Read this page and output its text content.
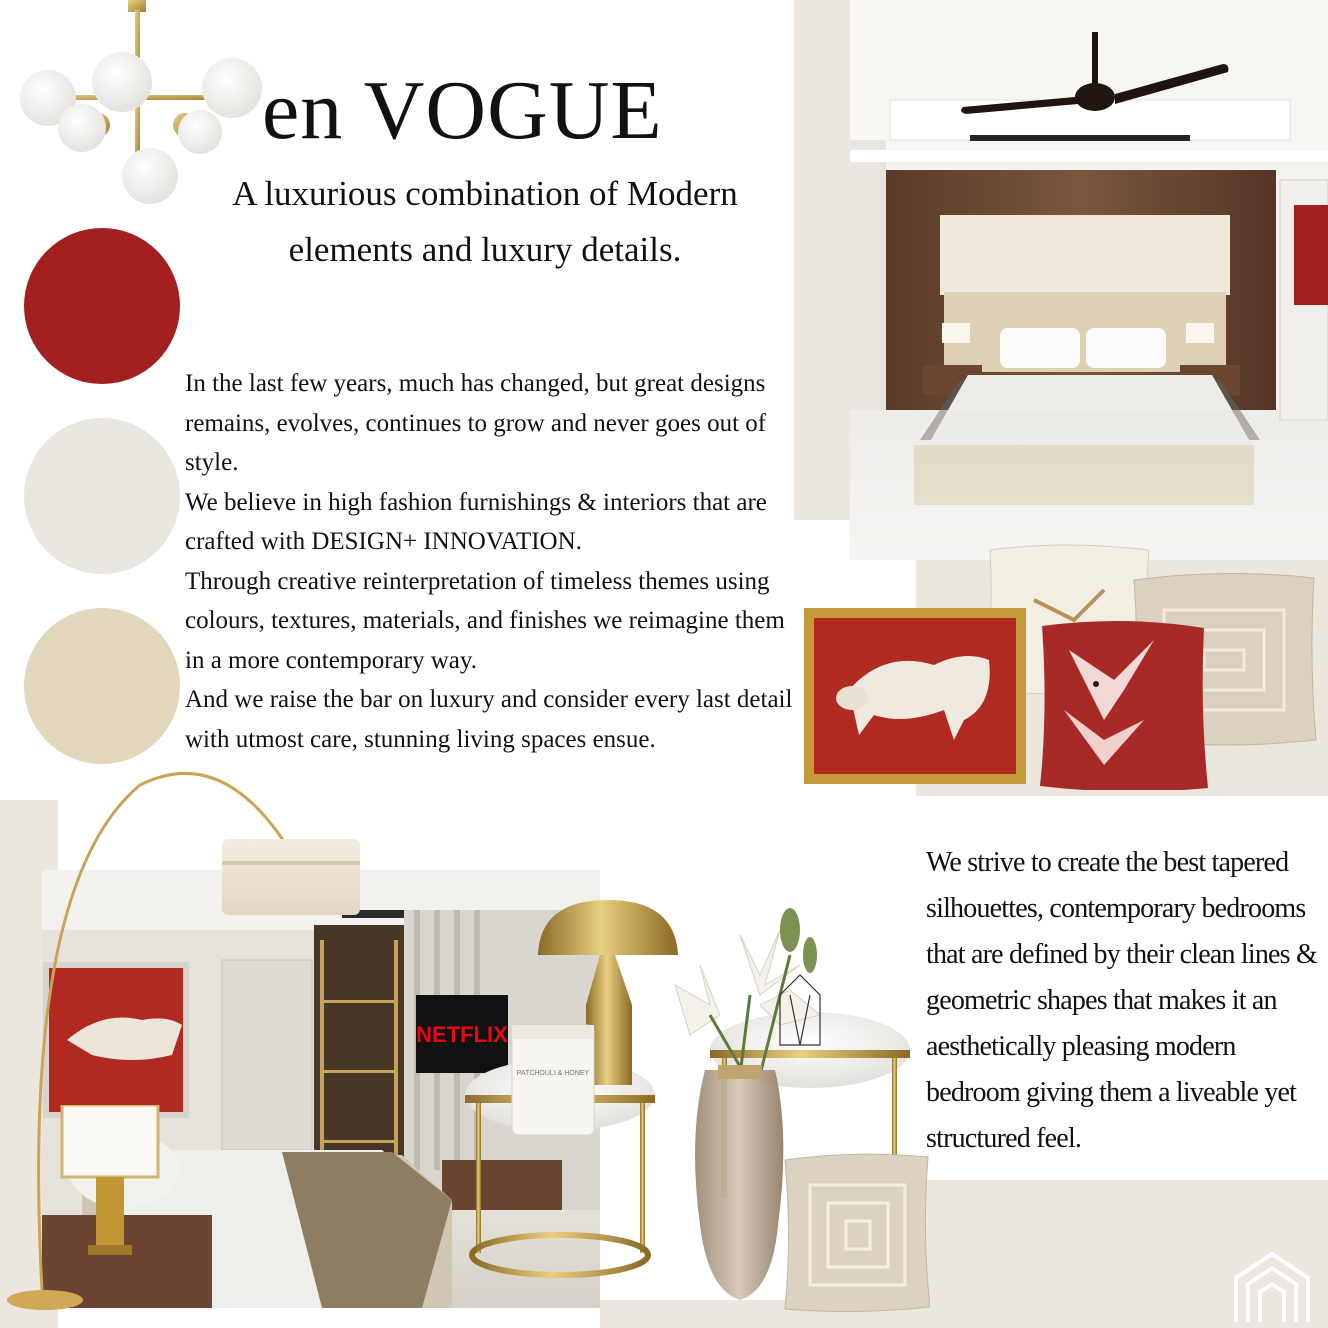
en VOGUE
A luxurious combination of Modern elements and luxury details.

In the last few years, much has changed, but great designs remains, evolves, continues to grow and never goes out of style.

We believe in high fashion furnishings & interiors that are crafted with DESIGN+ INNOVATION.

Through creative reinterpretation of timeless themes using colours, textures, materials, and finishes we reimagine them in a more contemporary way.

And we raise the bar on luxury and consider every last detail with utmost care, stunning living spaces ensue.

We strive to create the best tapered silhouettes, contemporary bedrooms that are defined by their clean lines & geometric shapes that makes it an aesthetically pleasing modern bedroom giving them a liveable yet structured feel.
NETFLIX
PATCHOULI & HONEY
